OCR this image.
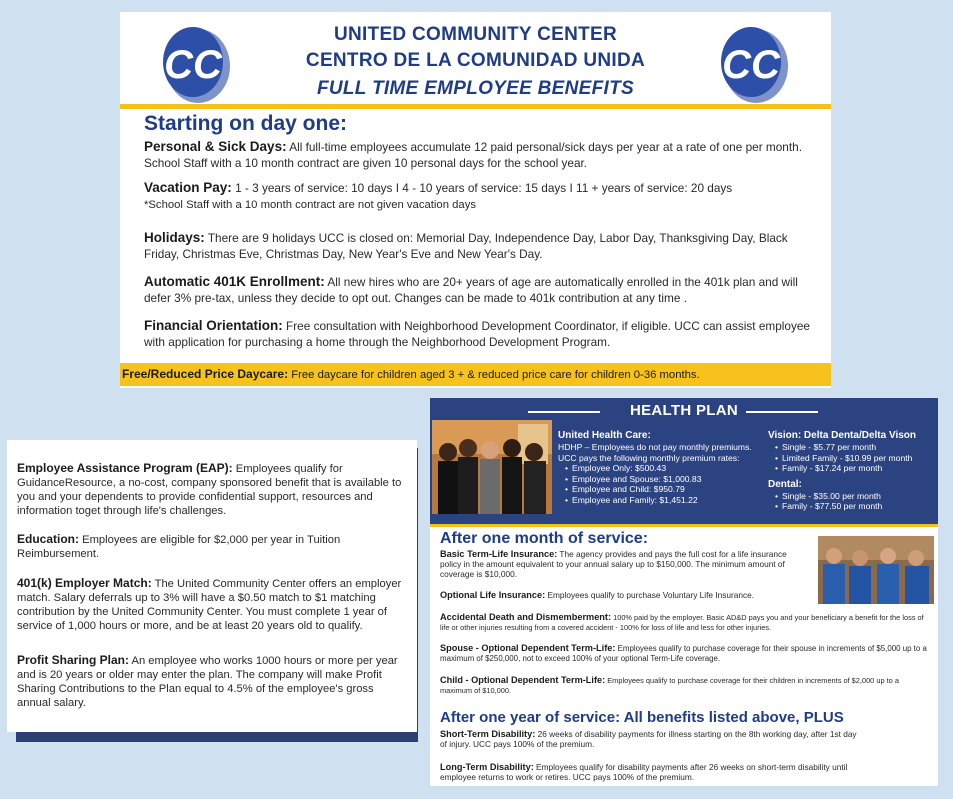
CC	CC
UNITED COMMUNITY CENTER
CENTRO DE LA COMUNIDAD UNIDA
FULL TIME EMPLOYEE BENEFITS
Starting on day one:
Personal & Sick Days: All full-time employees accumulate 12 paid personal/sick days per year at a rate of one per month. School Staff with a 10 month contract are given 10 personal days for the school year.
Vacation Pay: 1 - 3 years of service: 10 days I 4 - 10 years of service: 15 days I 11 + years of service: 20 days
*School Staff with a 10 month contract are not given vacation days
Holidays: There are 9 holidays UCC is closed on: Memorial Day, Independence Day, Labor Day, Thanksgiving Day, Black Friday, Christmas Eve, Christmas Day, New Year's Eve and New Year's Day.
Automatic 401K Enrollment: All new hires who are 20+ years of age are automatically enrolled in the 401k plan and will defer 3% pre-tax, unless they decide to opt out. Changes can be made to 401k contribution at any time .
Financial Orientation: Free consultation with Neighborhood Development Coordinator, if eligible. UCC can assist employee with application for purchasing a home through the Neighborhood Development Program.
Free/Reduced Price Daycare: Free daycare for children aged 3 + & reduced price care for children 0-36 months.
Employee Assistance Program (EAP): Employees qualify for GuidanceResource, a no-cost, company sponsored benefit that is available to you and your dependents to provide confidential support, resources and information toget through life's challenges.
Education: Employees are eligible for $2,000 per year in Tuition Reimbursement.
401(k) Employer Match: The United Community Center offers an employer match. Salary deferrals up to 3% will have a $0.50 match to $1 matching contribution by the United Community Center. You must complete 1 year of service of 1,000 hours or more, and be at least 20 years old to qualify.
Profit Sharing Plan: An employee who works 1000 hours or more per year and is 20 years or older may enter the plan. The company will make Profit Sharing Contributions to the Plan equal to 4.5% of the employee's gross annual salary.
HEALTH PLAN
United Health Care:
HDHP – Employees do not pay monthly premiums.
UCC pays the following monthly premium rates:
• Employee Only: $500.43
• Employee and Spouse: $1,000.83
• Employee and Child: $950.79
• Employee and Family: $1,451.22
Vision: Delta Denta/Delta Vison
• Single - $5.77 per month
• Limited Family - $10.99 per month
• Family - $17.24 per month
Dental:
• Single - $35.00 per month
• Family - $77.50 per month
After one month of service:
Basic Term-Life Insurance: The agency provides and pays the full cost for a life insurance policy in the amount equivalent to your annual salary up to $150,000. The minimum amount of coverage is $10,000.
Optional Life Insurance: Employees qualify to purchase Voluntary Life Insurance.
Accidental Death and Dismemberment: 100% paid by the employer. Basic AD&D pays you and your beneficiary a benefit for the loss of life or other injuries resulting from a covered accident - 100% for loss of life and less for other injuries.
Spouse - Optional Dependent Term-Life: Employees qualify to purchase coverage for their spouse in increments of $5,000 up to a maximum of $250,000, not to exceed 100% of your optional Term-Life coverage.
Child - Optional Dependent Term-Life: Employees qualify to purchase coverage for their children in increments of $2,000 up to a maximum of $10,000.
After one year of service: All benefits listed above, PLUS
Short-Term Disability: 26 weeks of disability payments for illness starting on the 8th working day, after 1st day of injury. UCC pays 100% of the premium.
Long-Term Disability: Employees qualify for disability payments after 26 weeks on short-term disability until employee returns to work or retires. UCC pays 100% of the premium.
